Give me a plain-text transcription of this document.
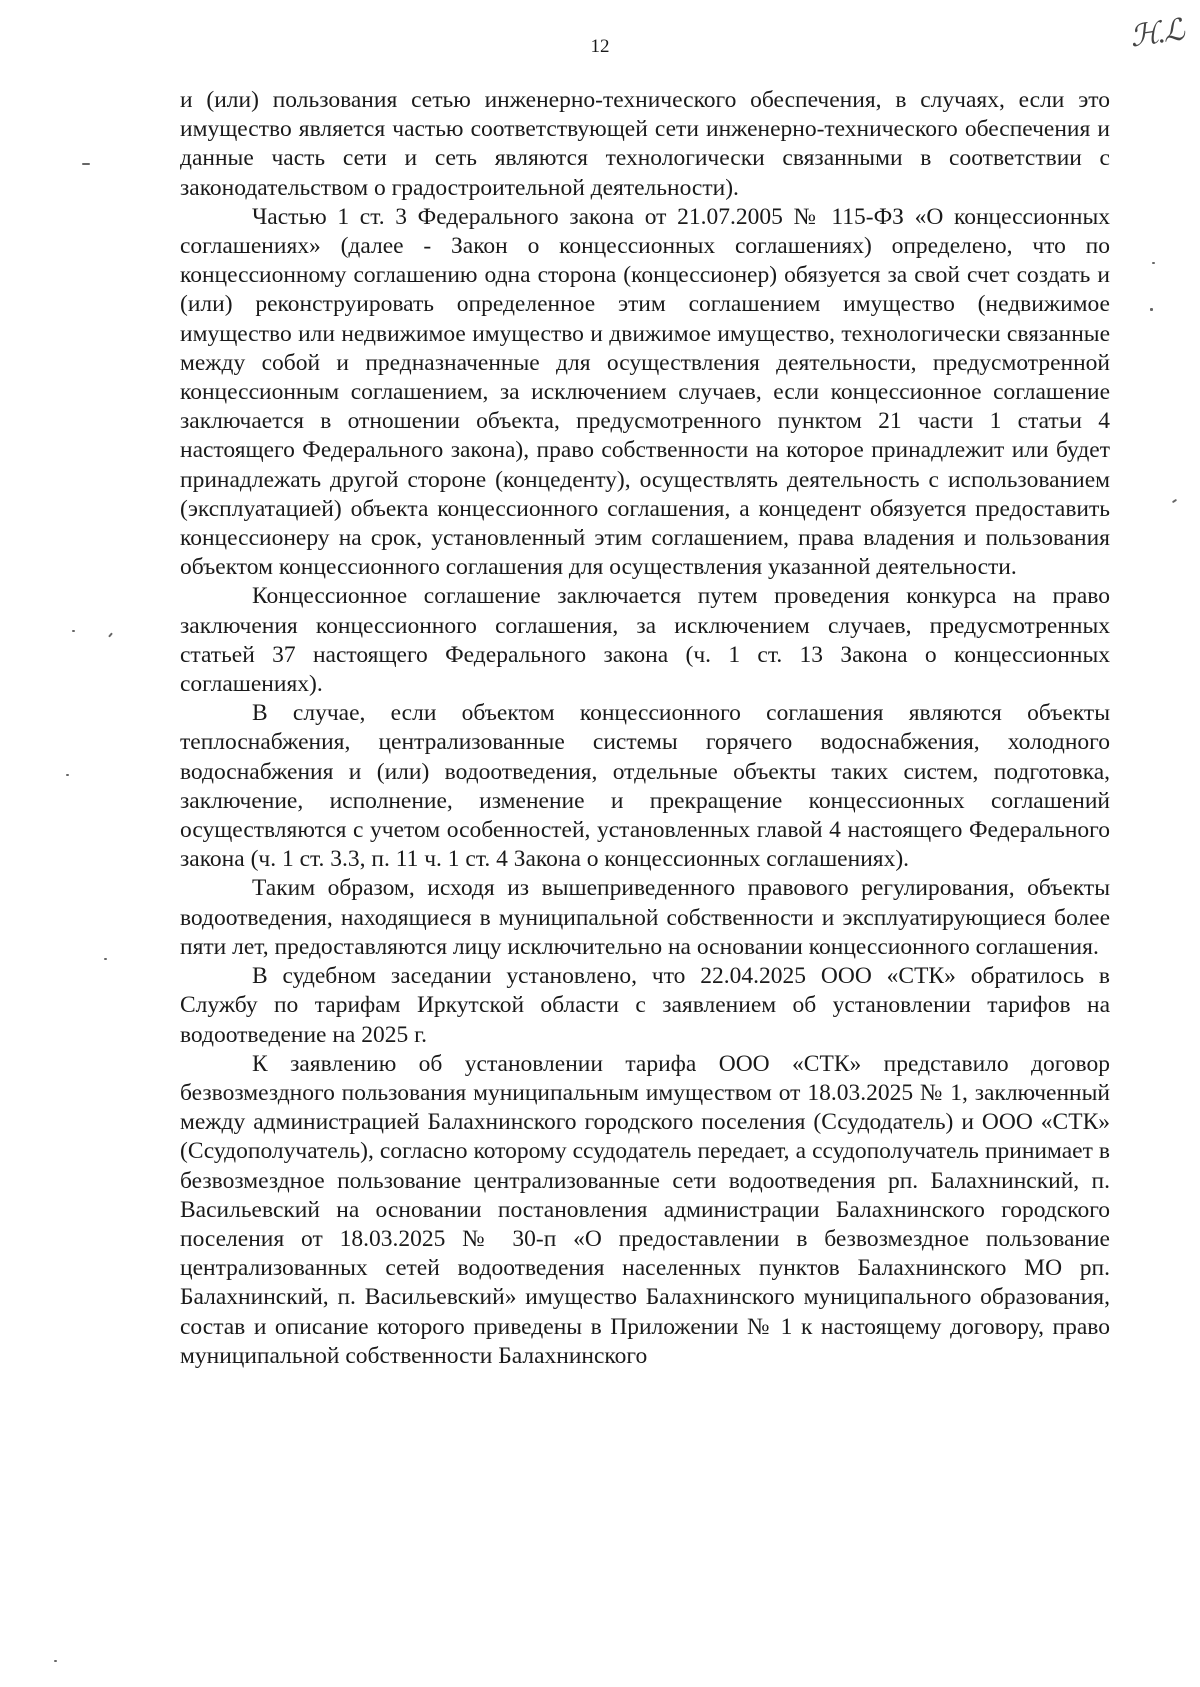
12	ℋ.ℒ

и (или) пользования сетью инженерно-технического обеспечения, в случаях, если это имущество является частью соответствующей сети инженерно-технического обеспечения и данные часть сети и сеть являются технологически связанными в соответствии с законодательством о градостроительной деятельности).

Частью 1 ст. 3 Федерального закона от 21.07.2005 № 115-ФЗ «О концессионных соглашениях» (далее - Закон о концессионных соглашениях) определено, что по концессионному соглашению одна сторона (концессионер) обязуется за свой счет создать и (или) реконструировать определенное этим соглашением имущество (недвижимое имущество или недвижимое имущество и движимое имущество, технологически связанные между собой и предназначенные для осуществления деятельности, предусмотренной концессионным соглашением, за исключением случаев, если концессионное соглашение заключается в отношении объекта, предусмотренного пунктом 21 части 1 статьи 4 настоящего Федерального закона), право собственности на которое принадлежит или будет принадлежать другой стороне (концеденту), осуществлять деятельность с использованием (эксплуатацией) объекта концессионного соглашения, а концедент обязуется предоставить концессионеру на срок, установленный этим соглашением, права владения и пользования объектом концессионного соглашения для осуществления указанной деятельности.

Концессионное соглашение заключается путем проведения конкурса на право заключения концессионного соглашения, за исключением случаев, предусмотренных статьей 37 настоящего Федерального закона (ч. 1 ст. 13 Закона о концессионных соглашениях).

В случае, если объектом концессионного соглашения являются объекты теплоснабжения, централизованные системы горячего водоснабжения, холодного водоснабжения и (или) водоотведения, отдельные объекты таких систем, подготовка, заключение, исполнение, изменение и прекращение концессионных соглашений осуществляются с учетом особенностей, установленных главой 4 настоящего Федерального закона (ч. 1 ст. 3.3, п. 11 ч. 1 ст. 4 Закона о концессионных соглашениях).

Таким образом, исходя из вышеприведенного правового регулирования, объекты водоотведения, находящиеся в муниципальной собственности и эксплуатирующиеся более пяти лет, предоставляются лицу исключительно на основании концессионного соглашения.

В судебном заседании установлено, что 22.04.2025 ООО «СТК» обратилось в Службу по тарифам Иркутской области с заявлением об установлении тарифов на водоотведение на 2025 г.

К заявлению об установлении тарифа ООО «СТК» представило договор безвозмездного пользования муниципальным имуществом от 18.03.2025 № 1, заключенный между администрацией Балахнинского городского поселения (Ссудодатель) и ООО «СТК» (Ссудополучатель), согласно которому ссудодатель передает, а ссудополучатель принимает в безвозмездное пользование централизованные сети водоотведения рп. Балахнинский, п. Васильевский на основании постановления администрации Балахнинского городского поселения от 18.03.2025 № 30-п «О предоставлении в безвозмездное пользование централизованных сетей водоотведения населенных пунктов Балахнинского МО рп. Балахнинский, п. Васильевский» имущество Балахнинского муниципального образования, состав и описание которого приведены в Приложении № 1 к настоящему договору, право муниципальной собственности Балахнинского
